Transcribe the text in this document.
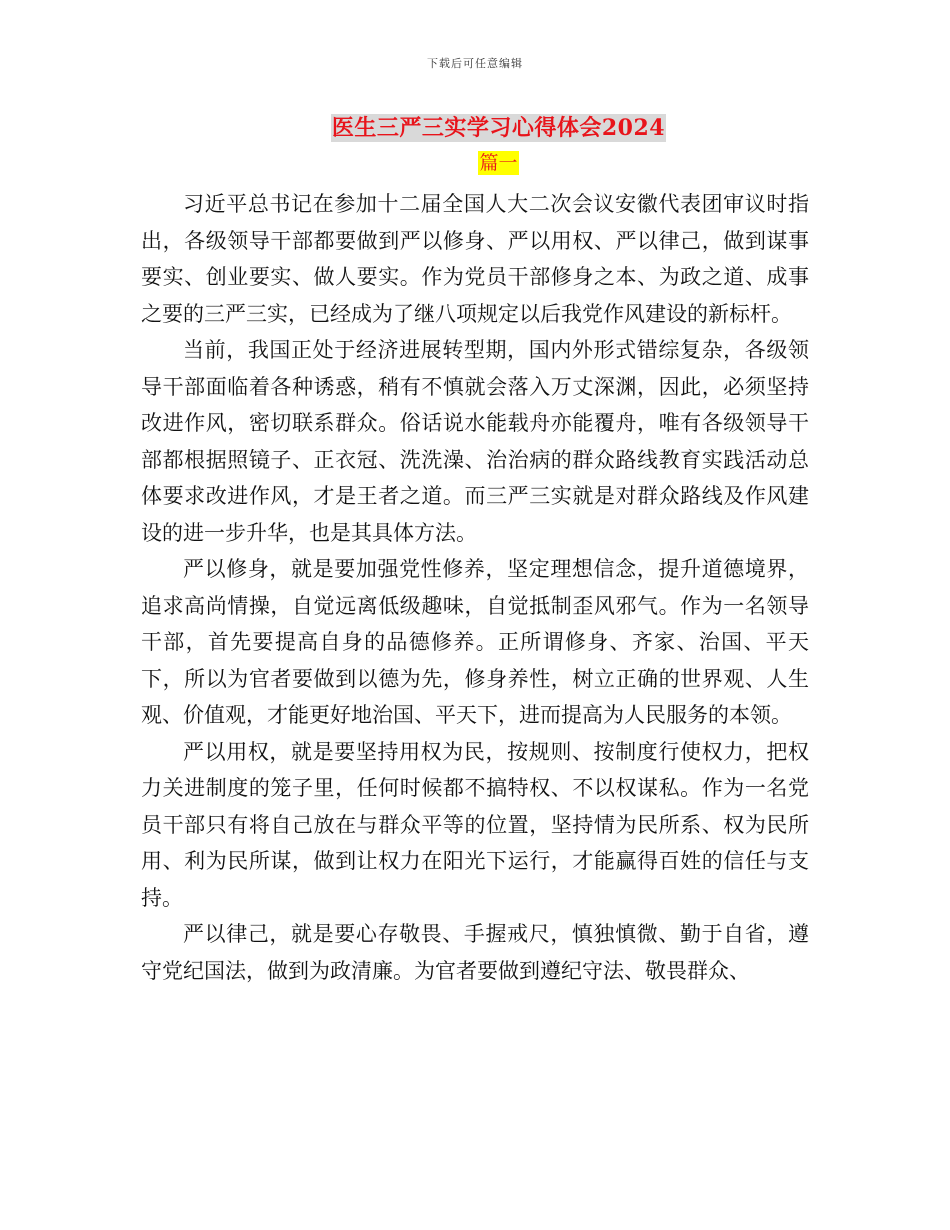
下载后可任意编辑
医生三严三实学习心得体会2024
篇一

习近平总书记在参加十二届全国人大二次会议安徽代表团审议时指出，各级领导干部都要做到严以修身、严以用权、严以律己，做到谋事要实、创业要实、做人要实。作为党员干部修身之本、为政之道、成事之要的三严三实，已经成为了继八项规定以后我党作风建设的新标杆。

当前，我国正处于经济进展转型期，国内外形式错综复杂，各级领导干部面临着各种诱惑，稍有不慎就会落入万丈深渊，因此，必须坚持改进作风，密切联系群众。俗话说水能载舟亦能覆舟，唯有各级领导干部都根据照镜子、正衣冠、洗洗澡、治治病的群众路线教育实践活动总体要求改进作风，才是王者之道。而三严三实就是对群众路线及作风建设的进一步升华，也是其具体方法。

严以修身，就是要加强党性修养，坚定理想信念，提升道德境界，追求高尚情操，自觉远离低级趣味，自觉抵制歪风邪气。作为一名领导干部，首先要提高自身的品德修养。正所谓修身、齐家、治国、平天下，所以为官者要做到以德为先，修身养性，树立正确的世界观、人生观、价值观，才能更好地治国、平天下，进而提高为人民服务的本领。

严以用权，就是要坚持用权为民，按规则、按制度行使权力，把权力关进制度的笼子里，任何时候都不搞特权、不以权谋私。作为一名党员干部只有将自己放在与群众平等的位置，坚持情为民所系、权为民所用、利为民所谋，做到让权力在阳光下运行，才能赢得百姓的信任与支持。

严以律己，就是要心存敬畏、手握戒尺，慎独慎微、勤于自省，遵守党纪国法，做到为政清廉。为官者要做到遵纪守法、敬畏群众、
